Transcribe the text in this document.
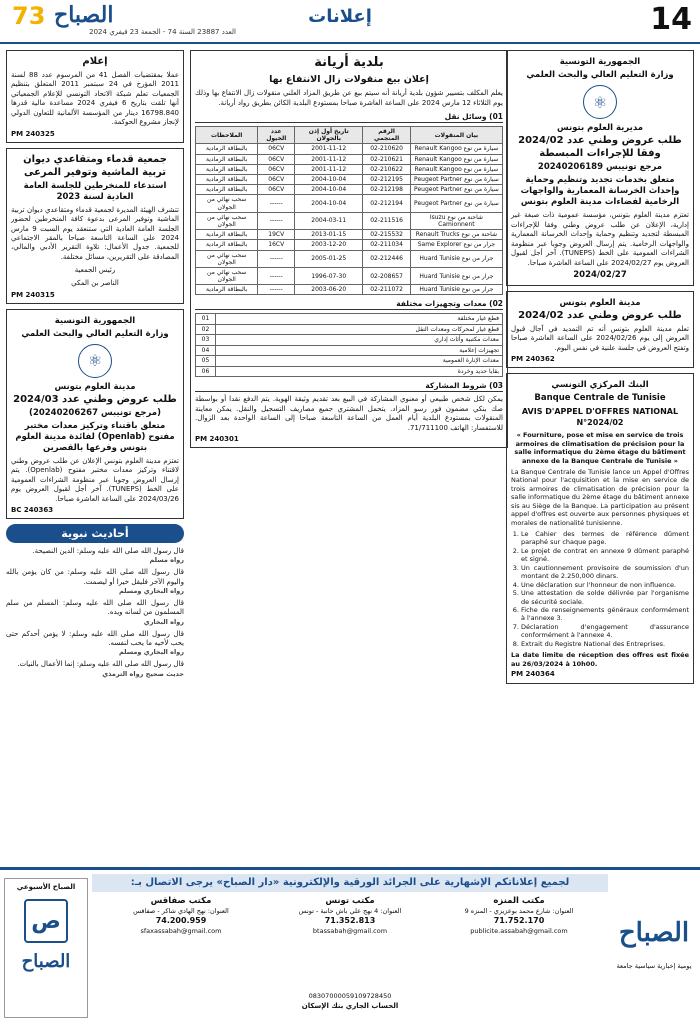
14
إعلانات
73 الصباح
العدد 23887 السنة 74 - الجمعة 23 فيفري 2024
الجمهورية التونسية
وزارة التعليم العالي والبحث العلمي
⚛
مديرية العلوم بتونس
طلب عروض وطني عدد 2024/02 وفقا للإجراءات المبسطة
مرجع تونيبس 20240206189
متعلق بخدمات تجديد وتنظيم وحماية وإحداث الخرسانة المعمارية والواجهات الرخامية لفضاءات مدينة العلوم بتونس
تعتزم مدينة العلوم بتونس، مؤسسة عمومية ذات صبغة غير إدارية، الإعلان عن طلب عروض وطني وفقا للإجراءات المبسطة لتجديد وتنظيم وحماية وإحداث الخرسانة المعمارية والواجهات الرخامية. يتم إرسال العروض وجوبا عبر منظومة الشراءات العمومية على الخط (TUNEPS). آخر أجل لقبول العروض يوم 2024/02/27 على الساعة العاشرة صباحا.
2024/02/27
مدينة العلوم بتونس
طلب عروض وطني عدد 2024/02
تعلم مدينة العلوم بتونس أنه تم التمديد في آجال قبول العروض إلى يوم 2024/02/26 على الساعة العاشرة صباحا وتفتح العروض في جلسة علنية في نفس اليوم.
PM 240362
البنك المركزي التونسي
Banque Centrale de Tunisie
AVIS D'APPEL D'OFFRES NATIONAL N°2024/02
« Fourniture, pose et mise en service de trois armoires de climatisation de précision pour la salle informatique du 2ème étage du bâtiment annexe de la Banque Centrale de Tunisie »
La Banque Centrale de Tunisie lance un Appel d'Offres National pour l'acquisition et la mise en service de trois armoires de climatisation de précision pour la salle informatique du 2ème étage du bâtiment annexe sis au Siège de la Banque. La participation au présent appel d'offres est ouverte aux personnes physiques et morales de nationalité tunisienne.
1. Le Cahier des termes de référence dûment paraphé sur chaque page.
2. Le projet de contrat en annexe 9 dûment paraphé et signé.
3. Un cautionnement provisoire de soumission d'un montant de 2.250,000 dinars.
4. Une déclaration sur l'honneur de non influence.
5. Une attestation de solde délivrée par l'organisme de sécurité sociale.
6. Fiche de renseignements généraux conformément à l'annexe 3.
7. Déclaration d'engagement d'assurance conformément à l'annexe 4.
8. Extrait du Registre National des Entreprises.
La date limite de réception des offres est fixée au 26/03/2024 à 10h00.
PM 240364
بلدية أريانة
إعلان بيع منقولات زال الانتفاع بها
يعلم المكلف بتسيير شؤون بلدية أريانة أنه سيتم بيع عن طريق المزاد العلني منقولات زال الانتفاع بها وذلك يوم الثلاثاء 12 مارس 2024 على الساعة العاشرة صباحا بمستودع البلدية الكائن بطريق رواد أريانة.
01) وسائل نقل
بيان المنقولات	الرقم المنجمي	تاريخ أول إذن بالجولان	عدد الخيول	الملاحظات
سيارة من نوع Renault Kangoo	02-210620	2001-11-12	06CV	بالبطاقة الرمادية
سيارة من نوع Renault Kangoo	02-210621	2001-11-12	06CV	بالبطاقة الرمادية
سيارة من نوع Renault Kangoo	02-210622	2001-11-12	06CV	بالبطاقة الرمادية
سيارة من نوع Peugeot Partner	02-212195	2004-10-04	06CV	بالبطاقة الرمادية
سيارة من نوع Peugeot Partner	02-212198	2004-10-04	06CV	بالبطاقة الرمادية
سيارة من نوع Peugeot Partner	02-212194	2004-10-04	------	سحب نهائي من الجولان
شاحنة من نوع Isuzu Camionnent	02-211516	2004-03-11	------	سحب نهائي من الجولان
شاحنة من نوع Renault Trucks	02-215532	2013-01-15	19CV	بالبطاقة الرمادية
جرار من نوع Same Explorer	02-211034	2003-12-20	16CV	بالبطاقة الرمادية
جرار من نوع Huard Tunisie	02-212446	2005-01-25	------	سحب نهائي من الجولان
جرار من نوع Huard Tunisie	02-208657	1996-07-30	------	سحب نهائي من الجولان
جرار من نوع Huard Tunisie	02-211072	2003-06-20	------	بالبطاقة الرمادية
02) معدات وتجهيزات مختلفة
فطع غيار مختلفة	01
قطع غيار لمحركات ومعدات النقل	02
معدات مكتبية وأثاث إداري	03
تجهيزات إعلامية	04
معدات الإنارة العمومية	05
بقايا حديد وخردة	06
03) شروط المشاركة
يمكن لكل شخص طبيعي أو معنوي المشاركة في البيع بعد تقديم وثيقة الهوية. يتم الدفع نقدا أو بواسطة صك بنكي مضمون فور رسو المزاد. يتحمل المشتري جميع مصاريف التسجيل والنقل. يمكن معاينة المنقولات بمستودع البلدية أيام العمل من الساعة التاسعة صباحا إلى الساعة الواحدة بعد الزوال. للاستفسار: الهاتف 71/711100.
PM 240301
إعلام
عملا بمقتضيات الفصل 41 من المرسوم عدد 88 لسنة 2011 المؤرخ في 24 سبتمبر 2011 المتعلق بتنظيم الجمعيات تعلم شبكة الاتحاد التونسي للإعلام الجمعياتي أنها تلقت بتاريخ 6 فيفري 2024 مساعدة مالية قدرها 16798.840 دينار من المؤسسة الألمانية للتعاون الدولي لإنجاز مشروع الحوكمة.
PM 240325
جمعية قدماء ومتقاعدي ديوان تربية الماشية وتوفير المرعى
استدعاء للمنخرطين للجلسة العامة العادية لسنة 2023
تتشرف الهيئة المديرة لجمعية قدماء ومتقاعدي ديوان تربية الماشية وتوفير المرعى بدعوة كافة المنخرطين لحضور الجلسة العامة العادية التي ستنعقد يوم السبت 9 مارس 2024 على الساعة التاسعة صباحا بالمقر الاجتماعي للجمعية. جدول الأعمال: تلاوة التقرير الأدبي والمالي، المصادقة على التقريرين، مسائل مختلفة.
رئيس الجمعية
الناصر بن المكي
PM 240315
الجمهورية التونسية
وزارة التعليم العالي والبحث العلمي
⚛
مدينة العلوم بتونس
طلب عروض وطني عدد 2024/03
(مرجع تونيبس 20240206267)
متعلق باقتناء وتركيز معدات مختبر مفتوح (Openlab) لفائدة مدينة العلوم بتونس وفرعها بالقصرين
تعتزم مدينة العلوم بتونس الإعلان عن طلب عروض وطني لاقتناء وتركيز معدات مختبر مفتوح (Openlab). يتم إرسال العروض وجوبا عبر منظومة الشراءات العمومية على الخط (TUNEPS). آخر أجل لقبول العروض يوم 2024/03/26 على الساعة العاشرة صباحا.
BC 240363
أحاديث نبوية
قال رسول الله صلى الله عليه وسلم: الدين النصيحة.
رواه مسلم
قال رسول الله صلى الله عليه وسلم: من كان يؤمن بالله واليوم الآخر فليقل خيرا أو ليصمت.
رواه البخاري ومسلم
قال رسول الله صلى الله عليه وسلم: المسلم من سلم المسلمون من لسانه ويده.
رواه البخاري
قال رسول الله صلى الله عليه وسلم: لا يؤمن أحدكم حتى يحب لأخيه ما يحب لنفسه.
رواه البخاري ومسلم
قال رسول الله صلى الله عليه وسلم: إنما الأعمال بالنيات.
حديث صحيح رواه الترمذي
الصباح
يومية إخبارية سياسية جامعة
لجميع إعلاناتكم الإشهارية على الجرائد الورقية والإلكترونية «دار الصباح» يرجى الاتصال بـ:
مكتب المنزه
العنوان: شارع محمد بوعزيزي - المنزه 9
71.752.170
publicite.assabah@gmail.com
مكتب تونس
العنوان: 4 نهج علي باش حانبة - تونس
71.352.813
btassabah@gmail.com
مكتب صفاقس
العنوان: نهج الهادي شاكر - صفاقس
74.200.959
sfaxassabah@gmail.com
08307000059109728450
الحساب الجاري بنك الإسكان
الصباح الأسبوعي
ص
الصباح
